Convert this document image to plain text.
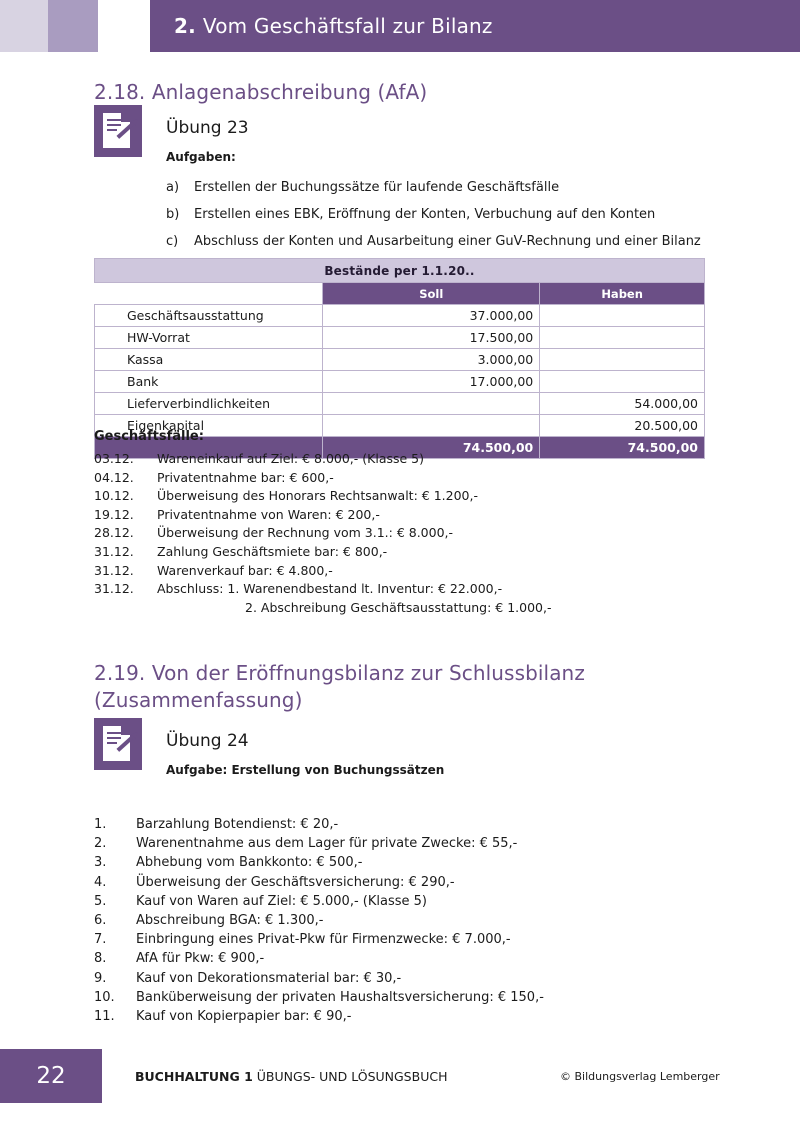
2. Vom Geschäftsfall zur Bilanz
2.18. Anlagenabschreibung (AfA)
Übung 23
Aufgaben:
a) Erstellen der Buchungssätze für laufende Geschäftsfälle
b) Erstellen eines EBK, Eröffnung der Konten, Verbuchung auf den Konten
c) Abschluss der Konten und Ausarbeitung einer GuV-Rechnung und einer Bilanz
Bestände per 1.1.20..		
	Soll	Haben
Geschäftsausstattung	37.000,00	
HW-Vorrat	17.500,00	
Kassa	3.000,00	
Bank	17.000,00	
Lieferverbindlichkeiten		54.000,00
Eigenkapital		20.500,00
	74.500,00	74.500,00
Geschäftsfälle:
03.12. Wareneinkauf auf Ziel: € 8.000,- (Klasse 5)
04.12. Privatentnahme bar: € 600,-
10.12. Überweisung des Honorars Rechtsanwalt: € 1.200,-
19.12. Privatentnahme von Waren: € 200,-
28.12. Überweisung der Rechnung vom 3.1.: € 8.000,-
31.12. Zahlung Geschäftsmiete bar: € 800,-
31.12. Warenverkauf bar: € 4.800,-
31.12. Abschluss: 1. Warenendbestand lt. Inventur: € 22.000,-
2. Abschreibung Geschäftsausstattung: € 1.000,-
2.19. Von der Eröffnungsbilanz zur Schlussbilanz (Zusammenfassung)
Übung 24
Aufgabe: Erstellung von Buchungssätzen
1. Barzahlung Botendienst: € 20,-
2. Warenentnahme aus dem Lager für private Zwecke: € 55,-
3. Abhebung vom Bankkonto: € 500,-
4. Überweisung der Geschäftsversicherung: € 290,-
5. Kauf von Waren auf Ziel: € 5.000,- (Klasse 5)
6. Abschreibung BGA: € 1.300,-
7. Einbringung eines Privat-Pkw für Firmenzwecke: € 7.000,-
8. AfA für Pkw: € 900,-
9. Kauf von Dekorationsmaterial bar: € 30,-
10. Banküberweisung der privaten Haushaltsversicherung: € 150,-
11. Kauf von Kopierpapier bar: € 90,-
22	BUCHHALTUNG 1 ÜBUNGS- UND LÖSUNGSBUCH	© Bildungsverlag Lemberger
